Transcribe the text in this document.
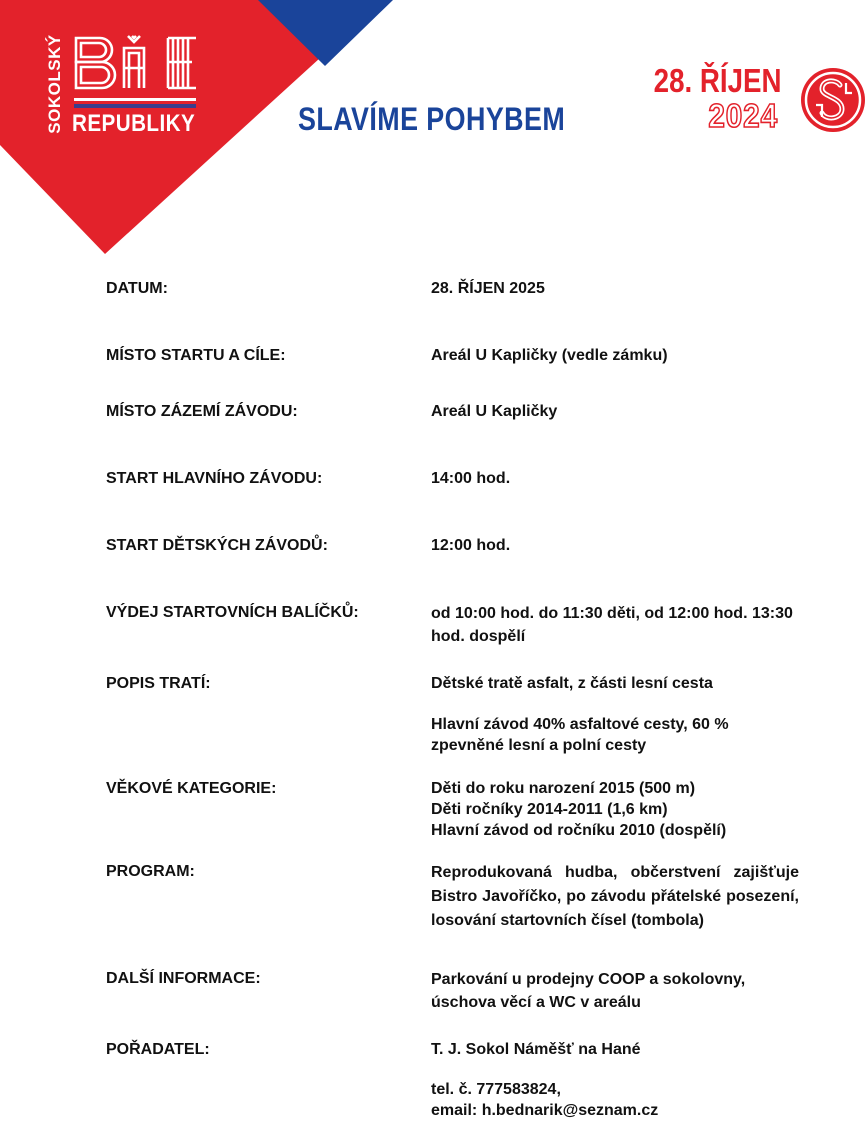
SOKOLSKÝ REPUBLIKY	SLAVÍME POHYBEM
28. ŘÍJEN
2024
DATUM:	28. ŘÍJEN 2025

MÍSTO STARTU A CÍLE:	Areál U Kapličky (vedle zámku)

MÍSTO ZÁZEMÍ ZÁVODU:	Areál U Kapličky

START HLAVNÍHO ZÁVODU:	14:00 hod.

START DĚTSKÝCH ZÁVODŮ:	12:00 hod.

VÝDEJ STARTOVNÍCH BALÍČKŮ:	od 10:00 hod. do 11:30 děti, od 12:00 hod. 13:30 hod. dospělí

POPIS TRATÍ:	Dětské tratě asfalt, z části lesní cesta

Hlavní závod 40% asfaltové cesty, 60 % zpevněné lesní a polní cesty

VĚKOVÉ KATEGORIE:	Děti do roku narození 2015 (500 m)

Děti ročníky 2014-2011 (1,6 km)

Hlavní závod od ročníku 2010 (dospělí)

PROGRAM:	Reprodukovaná hudba, občerstvení zajišťuje Bistro Javoříčko, po závodu přátelské posezení, losování startovních čísel (tombola)

DALŠÍ INFORMACE:	Parkování u prodejny COOP a sokolovny, úschova věcí a WC v areálu

POŘADATEL:	T. J. Sokol Náměšť na Hané

tel. č. 777583824,

email: h.bednarik@seznam.cz
